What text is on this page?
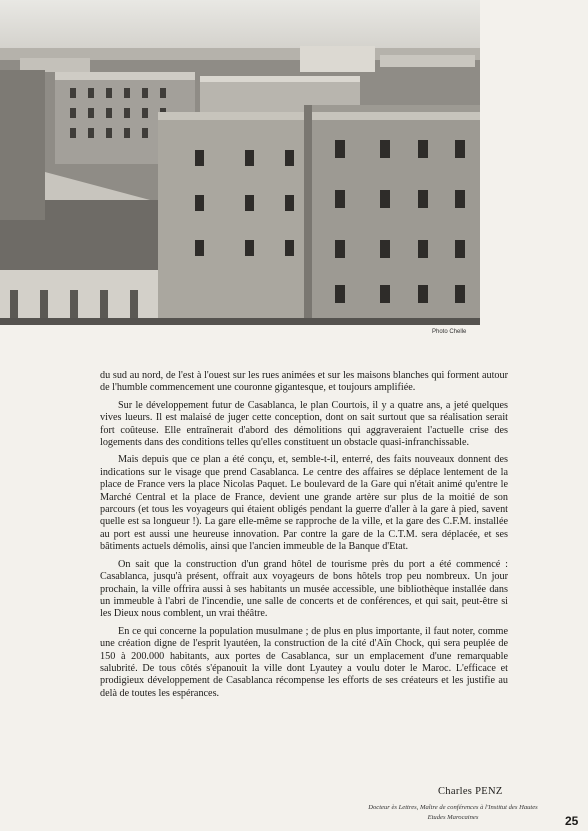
Photo Chelle

du sud au nord, de l'est à l'ouest sur les rues animées et sur les maisons blanches qui forment autour de l'humble commencement une couronne gigantesque, et toujours amplifiée.

Sur le développement futur de Casablanca, le plan Courtois, il y a quatre ans, a jeté quelques vives lueurs. Il est malaisé de juger cette conception, dont on sait surtout que sa réalisation serait fort coûteuse. Elle entraînerait d'abord des démolitions qui aggraveraient l'actuelle crise des logements dans des conditions telles qu'elles constituent un obstacle quasi-infranchissable.

Mais depuis que ce plan a été conçu, et, semble-t-il, enterré, des faits nouveaux donnent des indications sur le visage que prend Casablanca. Le centre des affaires se déplace lentement de la place de France vers la place Nicolas Paquet. Le boulevard de la Gare qui n'était animé qu'entre le Marché Central et la place de France, devient une grande artère sur plus de la moitié de son parcours (et tous les voyageurs qui étaient obligés pendant la guerre d'aller à la gare à pied, savent quelle est sa longueur !). La gare elle-même se rapproche de la ville, et la gare des C.F.M. installée au port est aussi une heureuse innovation. Par contre la gare de la C.T.M. sera déplacée, et ses bâtiments actuels démolis, ainsi que l'ancien immeuble de la Banque d'Etat.

On sait que la construction d'un grand hôtel de tourisme près du port a été commencé : Casablanca, jusqu'à présent, offrait aux voyageurs de bons hôtels trop peu nombreux. Un jour prochain, la ville offrira aussi à ses habitants un musée accessible, une bibliothèque installée dans un immeuble à l'abri de l'incendie, une salle de concerts et de conférences, et qui sait, peut-être si les Dieux nous comblent, un vrai théâtre.

En ce qui concerne la population musulmane ; de plus en plus importante, il faut noter, comme une création digne de l'esprit lyautéen, la construction de la cité d'Aïn Chock, qui sera peuplée de 150 à 200.000 habitants, aux portes de Casablanca, sur un emplacement d'une remarquable salubrité. De tous côtés s'épanouit la ville dont Lyautey a voulu doter le Maroc. L'efficace et prodigieux développement de Casablanca récompense les efforts de ses créateurs et les justifie au delà de toutes les espérances.

Charles PENZ
Docteur ès Lettres, Maître de conférences à l'Institut des Hautes Etudes Marocaines	25
